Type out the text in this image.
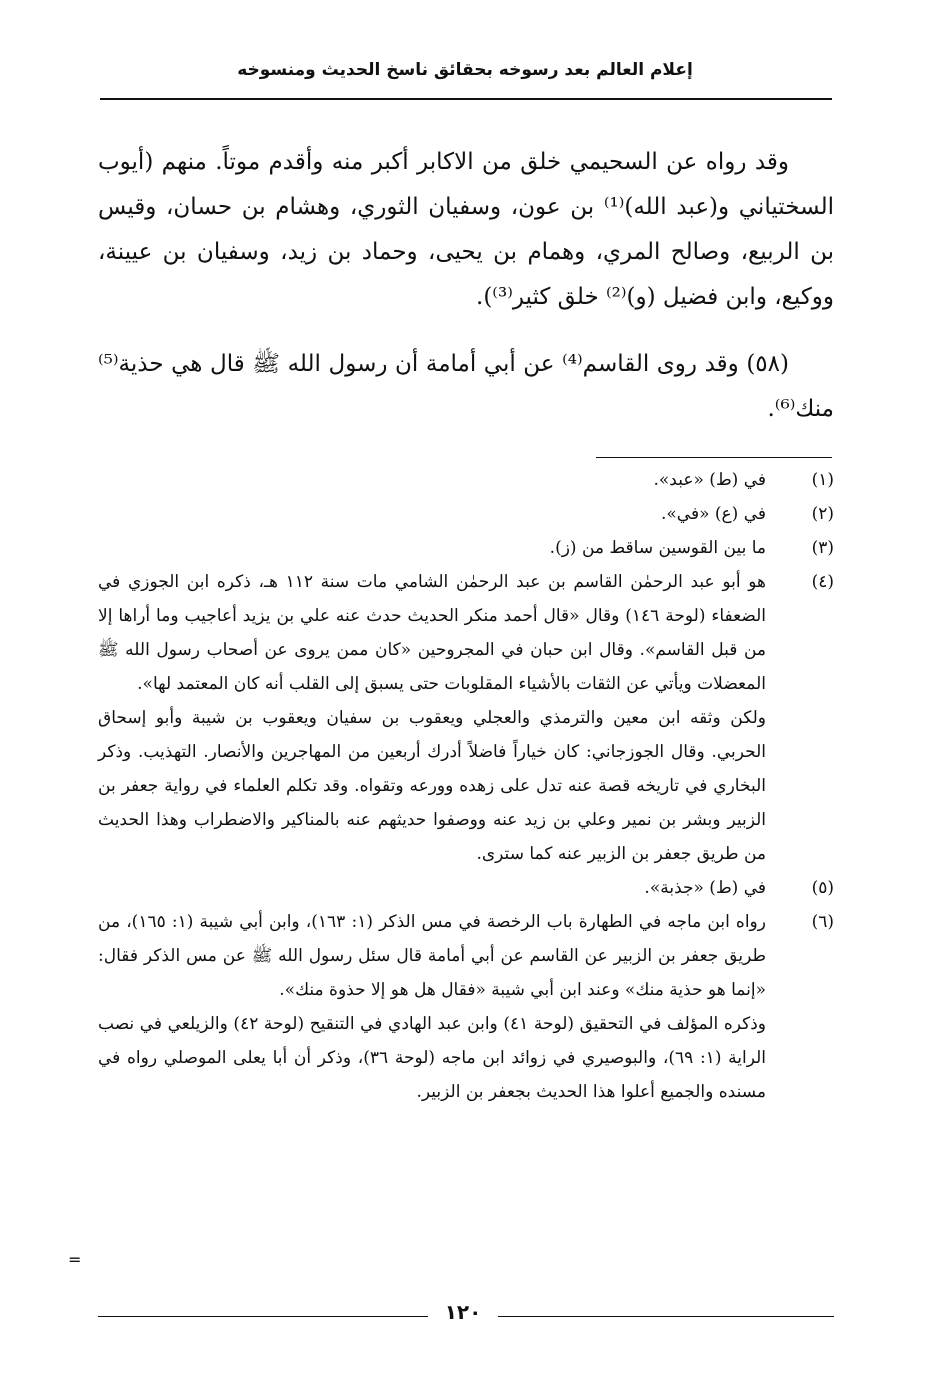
إعلام العالم بعد رسوخه بحقائق ناسخ الحديث ومنسوخه

وقد رواه عن السحيمي خلق من الاكابر أكبر منه وأقدم موتاً. منهم (أيوب السختياني و(عبد الله)⁽¹⁾ بن عون، وسفيان الثوري، وهشام بن حسان، وقيس بن الربيع، وصالح المري، وهمام بن يحيى، وحماد بن زيد، وسفيان بن عيينة، ووكيع، وابن فضيل (و)⁽²⁾ خلق كثير⁽³⁾).

(٥٨) وقد روى القاسم⁽⁴⁾ عن أبي أمامة أن رسول الله ﷺ قال هي حذية⁽⁵⁾ منك⁽⁶⁾.

(١)

في (ط) «عبد».

(٢)

في (ع) «في».

(٣)

ما بين القوسين ساقط من (ز).

(٤)

هو أبو عبد الرحمٰن القاسم بن عبد الرحمٰن الشامي مات سنة ١١٢ هـ، ذكره ابن الجوزي في الضعفاء (لوحة ١٤٦) وقال «قال أحمد منكر الحديث حدث عنه علي بن يزيد أعاجيب وما أراها إلا من قبل القاسم». وقال ابن حبان في المجروحين «كان ممن يروى عن أصحاب رسول الله ﷺ المعضلات ويأتي عن الثقات بالأشياء المقلوبات حتى يسبق إلى القلب أنه كان المعتمد لها».

ولكن وثقه ابن معين والترمذي والعجلي ويعقوب بن سفيان ويعقوب بن شيبة وأبو إسحاق الحربي. وقال الجوزجاني: كان خياراً فاضلاً أدرك أربعين من المهاجرين والأنصار. التهذيب. وذكر البخاري في تاريخه قصة عنه تدل على زهده وورعه وتقواه. وقد تكلم العلماء في رواية جعفر بن الزبير وبشر بن نمير وعلي بن زيد عنه ووصفوا حديثهم عنه بالمناكير والاضطراب وهذا الحديث من طريق جعفر بن الزبير عنه كما سترى.

(٥)

في (ط) «جذبة».

(٦)

رواه ابن ماجه في الطهارة باب الرخصة في مس الذكر (١: ١٦٣)، وابن أبي شيبة (١: ١٦٥)، من طريق جعفر بن الزبير عن القاسم عن أبي أمامة قال سئل رسول الله ﷺ عن مس الذكر فقال: «إنما هو حذية منك» وعند ابن أبي شيبة «فقال هل هو إلا حذوة منك».

وذكره المؤلف في التحقيق (لوحة ٤١) وابن عبد الهادي في التنقيح (لوحة ٤٢) والزيلعي في نصب الراية (١: ٦٩)، والبوصيري في زوائد ابن ماجه (لوحة ٣٦)، وذكر أن أبا يعلى الموصلي رواه في مسنده والجميع أعلوا هذا الحديث بجعفر بن الزبير.

=
١٢٠
